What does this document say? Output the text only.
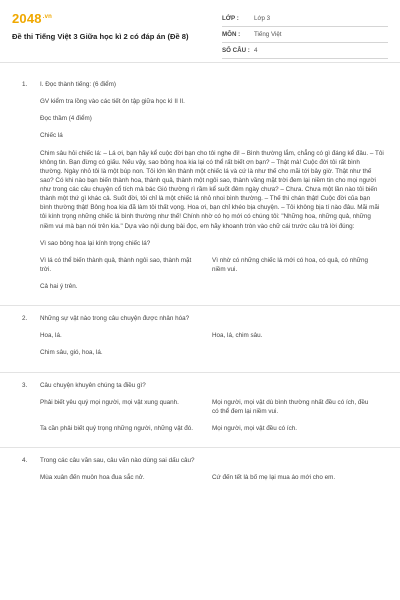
$2048^{.vn}$
Đề thi Tiếng Việt 3 Giữa học kì 2 có đáp án (Đề 8)
LỚP :	Lớp 3
MÔN :	Tiếng Việt
SỐ CÂU : 4
1. I. Đọc thành tiếng: (6 điểm)
GV kiểm tra lồng vào các tiết ôn tập giữa học kì II II.
Đọc thầm (4 điểm)
Chiếc lá
Chim sâu hỏi chiếc lá: – Lá ơi, bạn hãy kể cuộc đời bạn cho tôi nghe đi! – Bình thường lắm, chẳng có gì đáng kể đâu. – Tôi không tin. Bạn đừng có giấu. Nếu vậy, sao bông hoa kia lại có thể rất biết ơn bạn? – Thật mà! Cuộc đời tôi rất bình thường. Ngày nhỏ tôi là một búp non. Tôi lớn lên thành một chiếc lá và cứ là như thế cho mãi tới bây giờ. Thật như thế sao? Có khi nào bạn biến thành hoa, thành quả, thành một ngôi sao, thành vầng mặt trời đem lại niềm tin cho mọi người như trong các câu chuyện cổ tích mà bác Gió thường rì rầm kể suốt đêm ngày chưa? – Chưa. Chưa một lần nào tôi biến thành một thứ gì khác cả. Suốt đời, tôi chỉ là một chiếc lá nhỏ nhoi bình thường. – Thế thì chán thật! Cuộc đời của bạn bình thường thật! Bông hoa kia đã làm tôi thất vọng. Hoa ơi, bạn chỉ khéo bịa chuyện. – Tôi không bịa tí nào đâu. Mãi mãi tôi kính trọng những chiếc lá bình thường như thế! Chính nhờ có họ mới có chúng tôi: "Những hoa, những quả, những niềm vui mà bạn nói trên kia." Dựa vào nội dung bài đọc, em hãy khoanh tròn vào chữ cái trước câu trả lời đúng:
Vì sao bông hoa lại kính trọng chiếc lá?
Vì lá có thể biến thành quả, thành ngôi sao, thành mặt trời.
Vì nhờ có những chiếc lá mới có hoa, có quả, có những niềm vui.
Cả hai ý trên.
2. Những sự vật nào trong câu chuyện được nhân hóa?
Hoa, lá.	Hoa, lá, chim sâu.
Chim sâu, gió, hoa, lá.
3. Câu chuyện khuyên chúng ta điều gì?
Phải biết yêu quý mọi người, mọi vật xung quanh.	Mọi người, mọi vật dù bình thường nhất đều có ích, đều có thể đem lại niềm vui.
Ta cần phải biết quý trọng những người, những vật đó.	Mọi người, mọi vật đều có ích.
4. Trong các câu văn sau, câu văn nào dùng sai dấu câu?
Mùa xuân đến muôn hoa đua sắc nở.	Cứ đến tết là bố mẹ lại mua áo mới cho em.
